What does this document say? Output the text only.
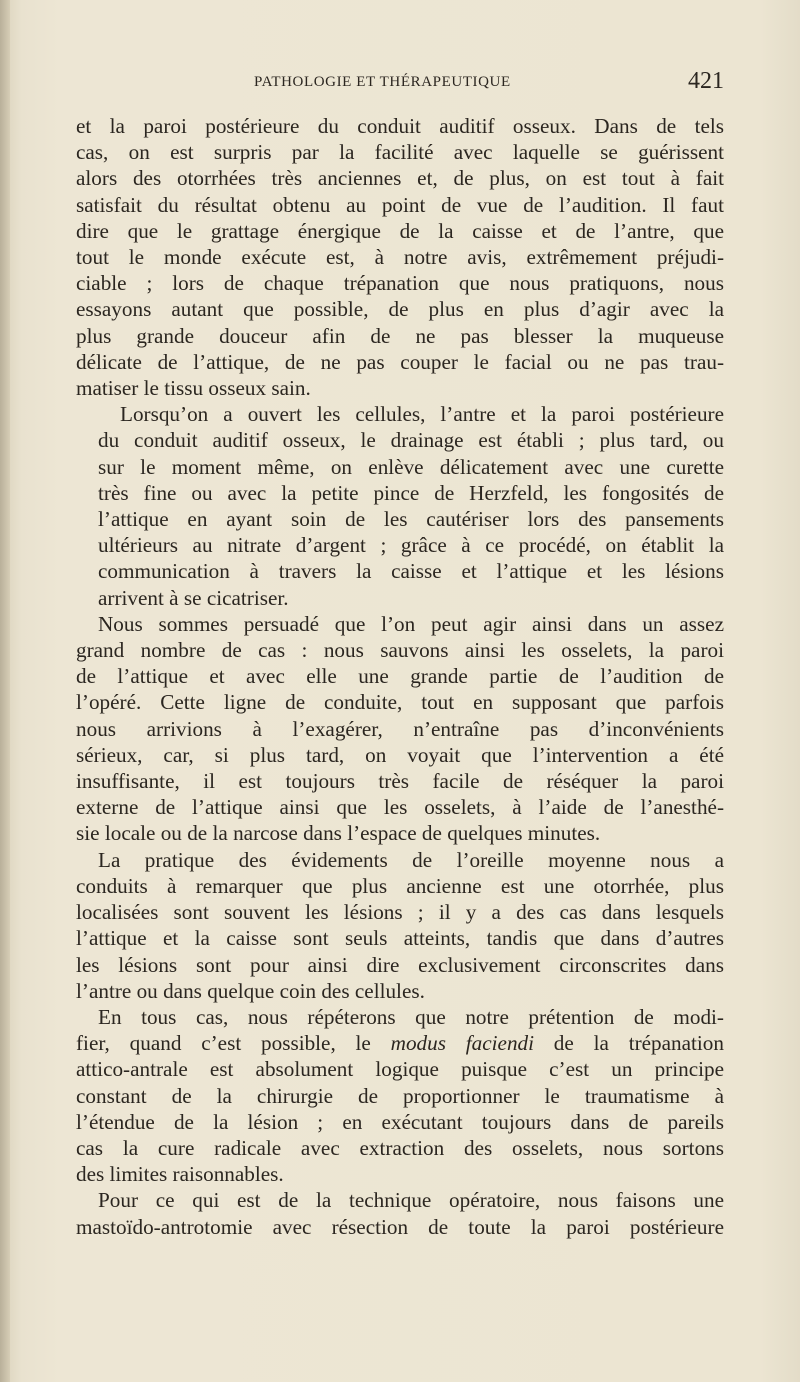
PATHOLOGIE ET THÉRAPEUTIQUE	421

et la paroi postérieure du conduit auditif osseux. Dans de tels
cas, on est surpris par la facilité avec laquelle se guérissent
alors des otorrhées très anciennes et, de plus, on est tout à fait
satisfait du résultat obtenu au point de vue de l’audition. Il faut
dire que le grattage énergique de la caisse et de l’antre, que
tout le monde exécute est, à notre avis, extrêmement préjudi-
ciable ; lors de chaque trépanation que nous pratiquons, nous
essayons autant que possible, de plus en plus d’agir avec la
plus grande douceur afin de ne pas blesser la muqueuse
délicate de l’attique, de ne pas couper le facial ou ne pas trau-
matiser le tissu osseux sain.

Lorsqu’on a ouvert les cellules, l’antre et la paroi postérieure
du conduit auditif osseux, le drainage est établi ; plus tard, ou
sur le moment même, on enlève délicatement avec une curette
très fine ou avec la petite pince de Herzfeld, les fongosités de
l’attique en ayant soin de les cautériser lors des pansements
ultérieurs au nitrate d’argent ; grâce à ce procédé, on établit la
communication à travers la caisse et l’attique et les lésions
arrivent à se cicatriser.

Nous sommes persuadé que l’on peut agir ainsi dans un assez
grand nombre de cas : nous sauvons ainsi les osselets, la paroi
de l’attique et avec elle une grande partie de l’audition de
l’opéré. Cette ligne de conduite, tout en supposant que parfois
nous arrivions à l’exagérer, n’entraîne pas d’inconvénients
sérieux, car, si plus tard, on voyait que l’intervention a été
insuffisante, il est toujours très facile de réséquer la paroi
externe de l’attique ainsi que les osselets, à l’aide de l’anesthé-
sie locale ou de la narcose dans l’espace de quelques minutes.

La pratique des évidements de l’oreille moyenne nous a
conduits à remarquer que plus ancienne est une otorrhée, plus
localisées sont souvent les lésions ; il y a des cas dans lesquels
l’attique et la caisse sont seuls atteints, tandis que dans d’autres
les lésions sont pour ainsi dire exclusivement circonscrites dans
l’antre ou dans quelque coin des cellules.

En tous cas, nous répéterons que notre prétention de modi-
fier, quand c’est possible, le modus faciendi de la trépanation
attico-antrale est absolument logique puisque c’est un principe
constant de la chirurgie de proportionner le traumatisme à
l’étendue de la lésion ; en exécutant toujours dans de pareils
cas la cure radicale avec extraction des osselets, nous sortons
des limites raisonnables.

Pour ce qui est de la technique opératoire, nous faisons une
mastoïdo-antrotomie avec résection de toute la paroi postérieure
